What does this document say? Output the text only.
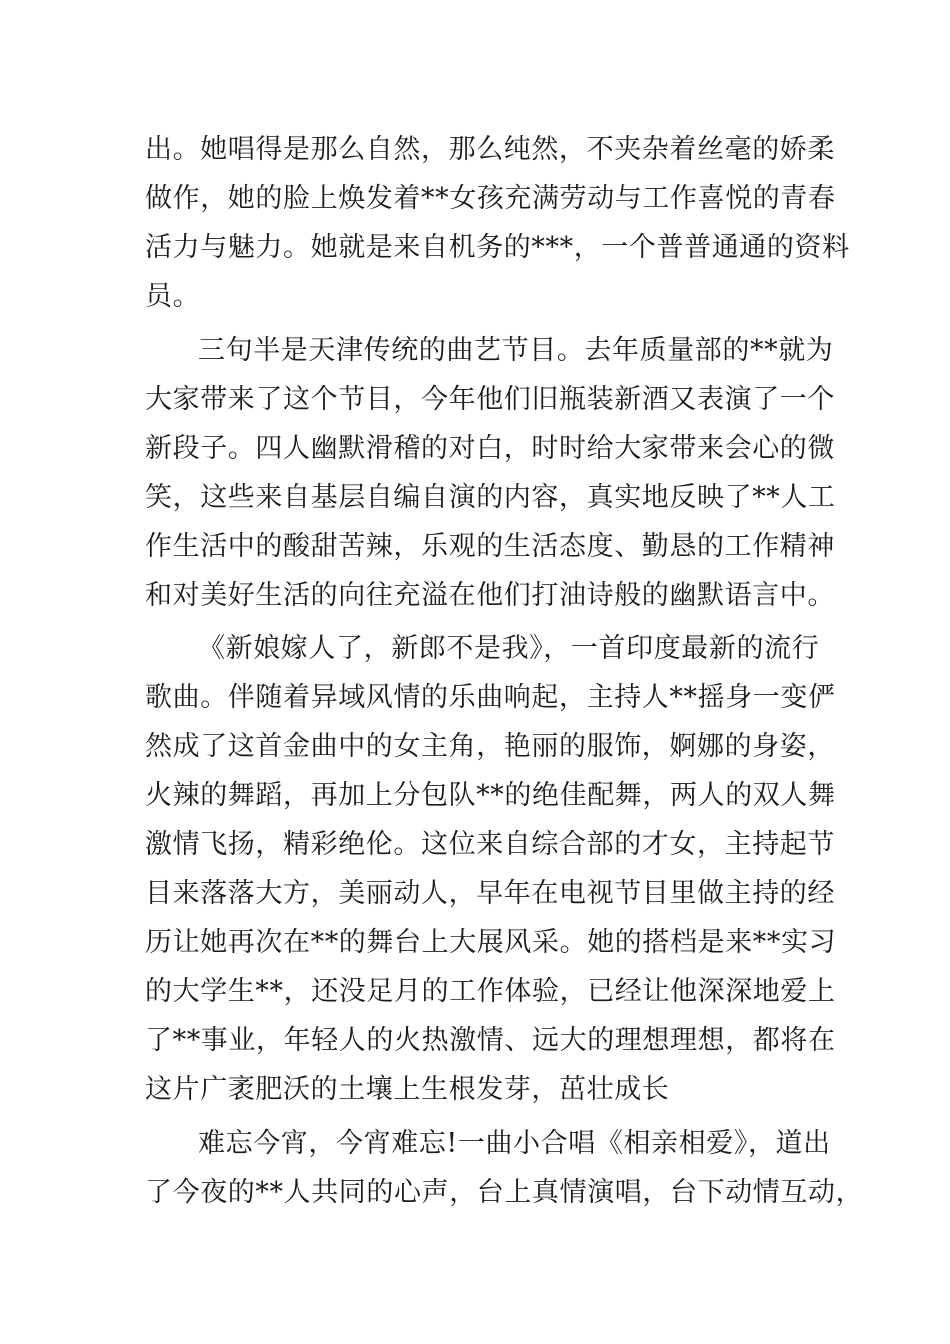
出。她唱得是那么自然，那么纯然，不夹杂着丝毫的娇柔
做作，她的脸上焕发着**女孩充满劳动与工作喜悦的青春
活力与魅力。她就是来自机务的***，一个普普通通的资料
员。
三句半是天津传统的曲艺节目。去年质量部的**就为
大家带来了这个节目，今年他们旧瓶装新酒又表演了一个
新段子。四人幽默滑稽的对白，时时给大家带来会心的微
笑，这些来自基层自编自演的内容，真实地反映了**人工
作生活中的酸甜苦辣，乐观的生活态度、勤恳的工作精神
和对美好生活的向往充溢在他们打油诗般的幽默语言中。
《新娘嫁人了，新郎不是我》，一首印度最新的流行
歌曲。伴随着异域风情的乐曲响起，主持人**摇身一变俨
然成了这首金曲中的女主角，艳丽的服饰，婀娜的身姿，
火辣的舞蹈，再加上分包队**的绝佳配舞，两人的双人舞
激情飞扬，精彩绝伦。这位来自综合部的才女，主持起节
目来落落大方，美丽动人，早年在电视节目里做主持的经
历让她再次在**的舞台上大展风采。她的搭档是来**实习
的大学生**，还没足月的工作体验，已经让他深深地爱上
了**事业，年轻人的火热激情、远大的理想理想，都将在
这片广袤肥沃的土壤上生根发芽，茁壮成长
难忘今宵，今宵难忘!一曲小合唱《相亲相爱》，道出
了今夜的**人共同的心声，台上真情演唱，台下动情互动，
